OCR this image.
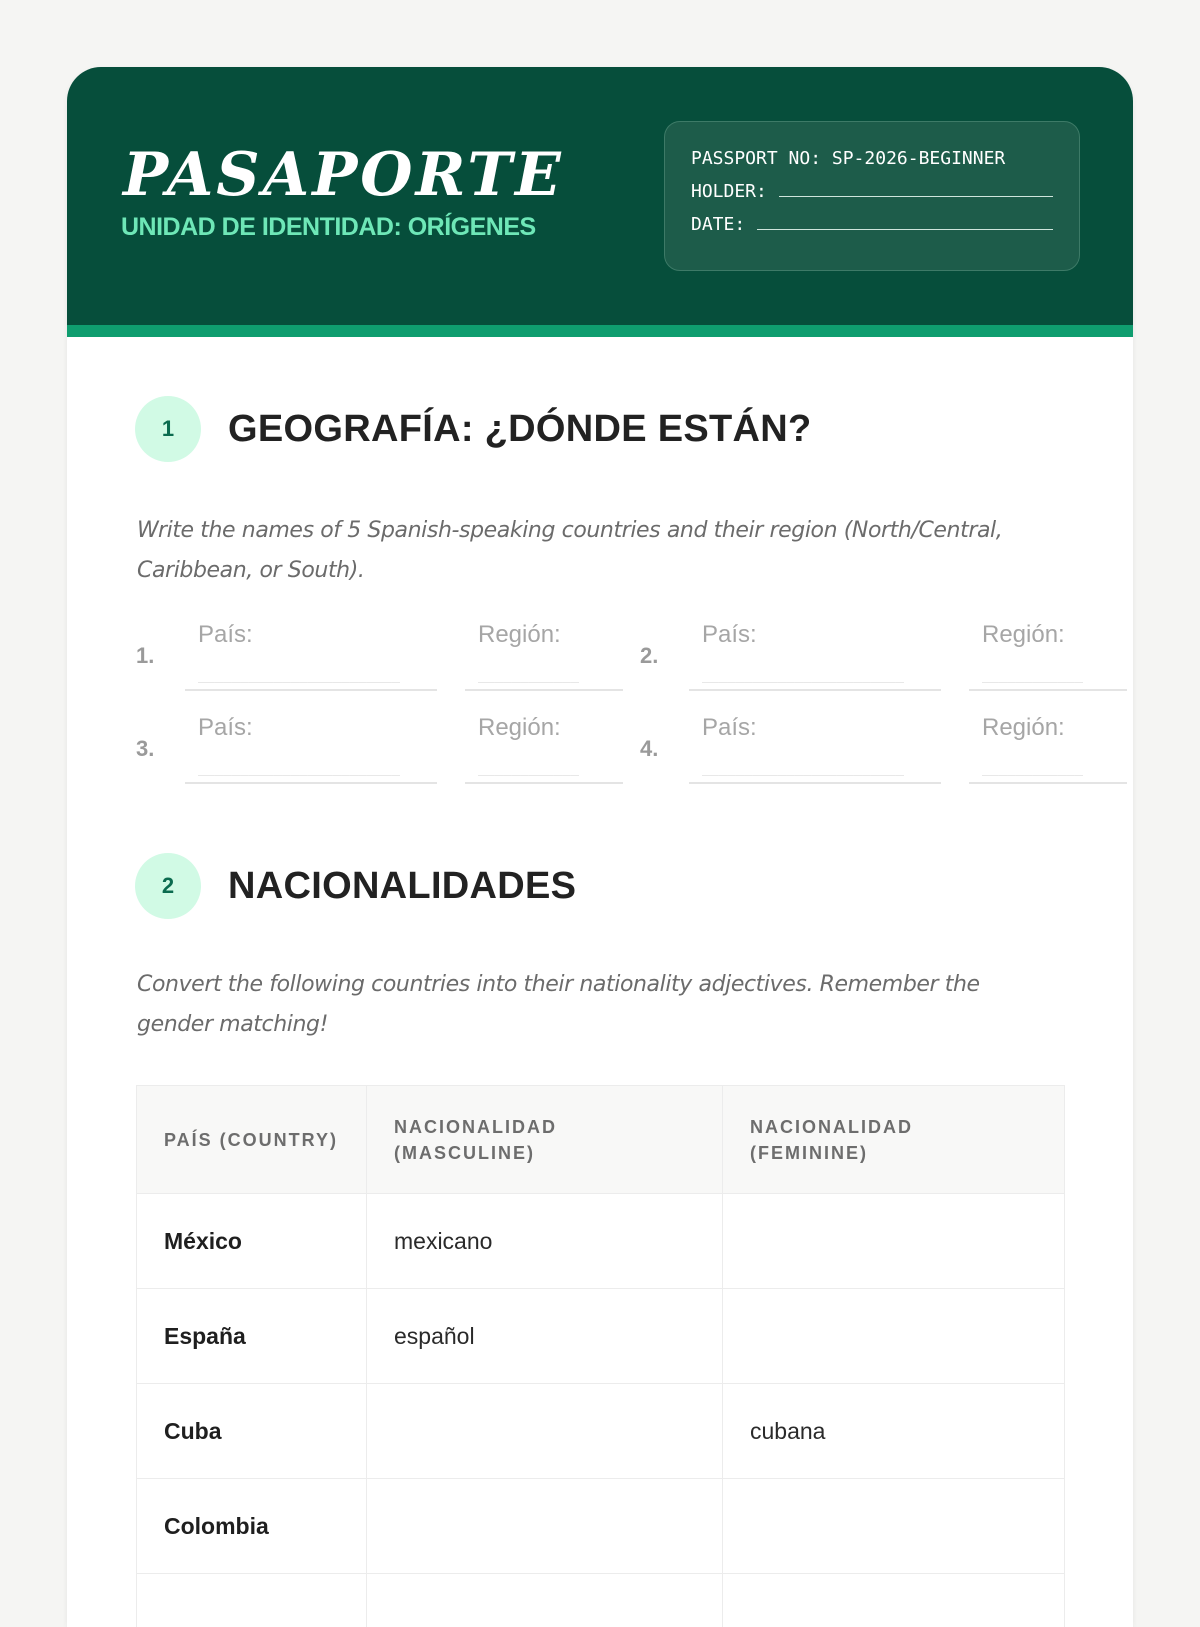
PASAPORTE
UNIDAD DE IDENTIDAD: ORÍGENES
PASSPORT NO: SP-2026-BEGINNER
HOLDER:
DATE:
1	GEOGRAFÍA: ¿DÓNDE ESTÁN?
Write the names of 5 Spanish-speaking countries and their region (North/Central, Caribbean, or South).
1.
País:
________________________
Región:
____________
2.
País:
________________________
Región:
____________
3.
País:
________________________
Región:
____________
4.
País:
________________________
Región:
____________
2	NACIONALIDADES
Convert the following countries into their nationality adjectives. Remember the gender matching!
PAÍS (COUNTRY)	NACIONALIDAD (MASCULINE)	NACIONALIDAD (FEMININE)
México	mexicano	
España	español	
Cuba		cubana
Colombia		
